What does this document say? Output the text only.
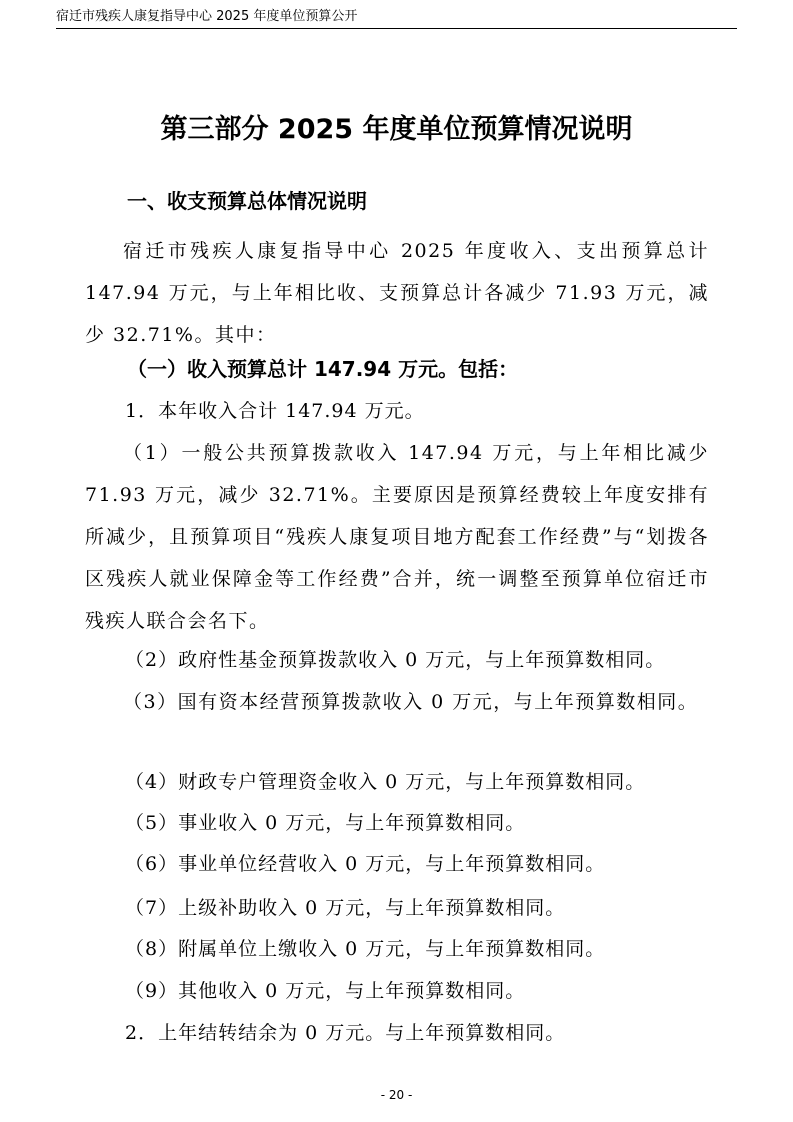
宿迁市残疾人康复指导中心 2025 年度单位预算公开
第三部分 2025 年度单位预算情况说明
一、收支预算总体情况说明

宿迁市残疾人康复指导中心 2025 年度收入、支出预算总计 147.94 万元，与上年相比收、支预算总计各减少 71.93 万元，减少 32.71%。其中：

（一）收入预算总计 147.94 万元。包括：
1．本年收入合计 147.94 万元。

（1）一般公共预算拨款收入 147.94 万元，与上年相比减少 71.93 万元，减少 32.71%。主要原因是预算经费较上年度安排有所减少，且预算项目“残疾人康复项目地方配套工作经费”与“划拨各区残疾人就业保障金等工作经费”合并，统一调整至预算单位宿迁市残疾人联合会名下。

（2）政府性基金预算拨款收入 0 万元，与上年预算数相同。

（3）国有资本经营预算拨款收入 0 万元，与上年预算数相同。

（4）财政专户管理资金收入 0 万元，与上年预算数相同。
（5）事业收入 0 万元，与上年预算数相同。
（6）事业单位经营收入 0 万元，与上年预算数相同。
（7）上级补助收入 0 万元，与上年预算数相同。
（8）附属单位上缴收入 0 万元，与上年预算数相同。
（9）其他收入 0 万元，与上年预算数相同。
2．上年结转结余为 0 万元。与上年预算数相同。
- 20 -
